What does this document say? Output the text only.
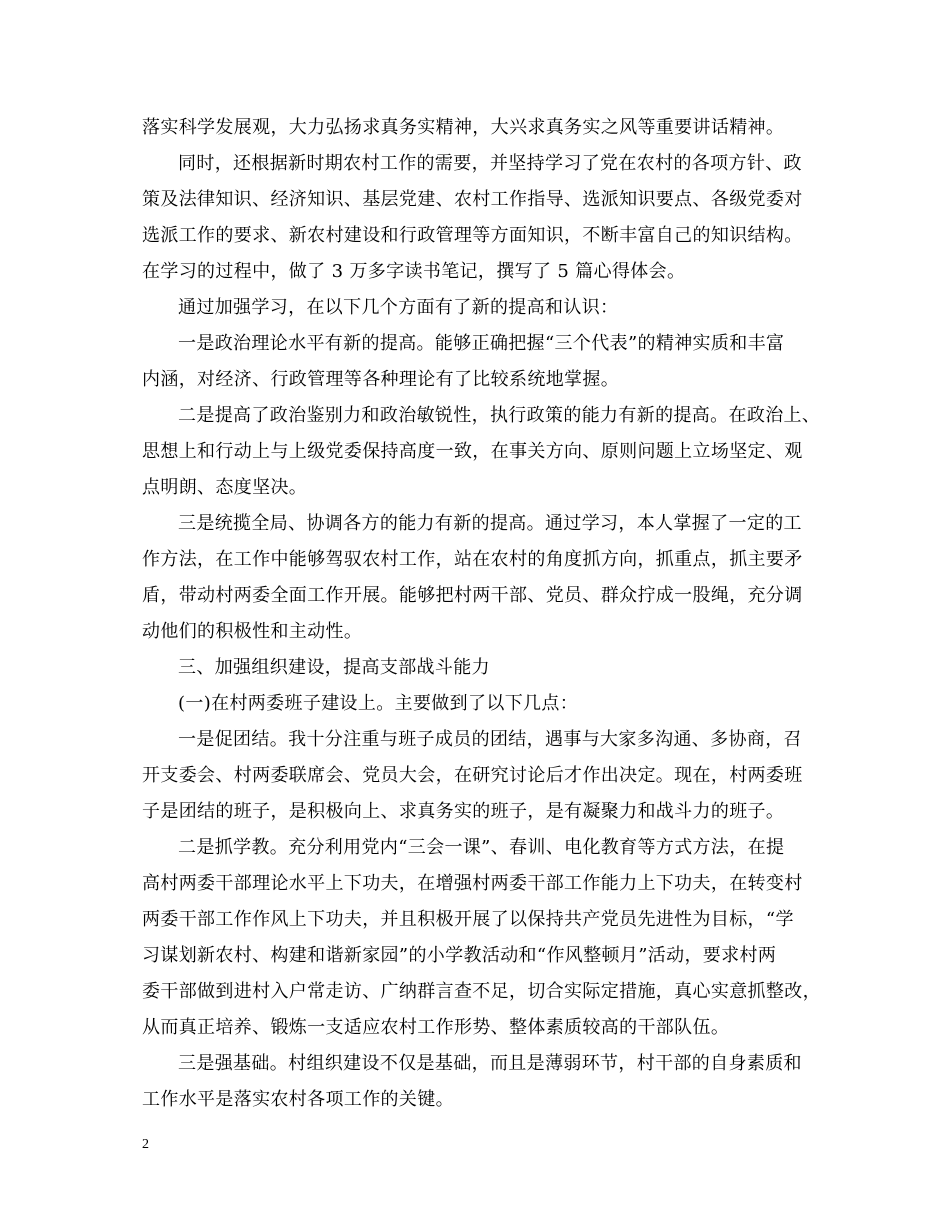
落实科学发展观，大力弘扬求真务实精神，大兴求真务实之风等重要讲话精神。
同时，还根据新时期农村工作的需要，并坚持学习了党在农村的各项方针、政
策及法律知识、经济知识、基层党建、农村工作指导、选派知识要点、各级党委对
选派工作的要求、新农村建设和行政管理等方面知识，不断丰富自己的知识结构。
在学习的过程中，做了 3 万多字读书笔记，撰写了 5 篇心得体会。
通过加强学习，在以下几个方面有了新的提高和认识：
一是政治理论水平有新的提高。能够正确把握“三个代表”的精神实质和丰富
内涵，对经济、行政管理等各种理论有了比较系统地掌握。
二是提高了政治鉴别力和政治敏锐性，执行政策的能力有新的提高。在政治上、
思想上和行动上与上级党委保持高度一致，在事关方向、原则问题上立场坚定、观
点明朗、态度坚决。
三是统揽全局、协调各方的能力有新的提高。通过学习，本人掌握了一定的工
作方法，在工作中能够驾驭农村工作，站在农村的角度抓方向，抓重点，抓主要矛
盾，带动村两委全面工作开展。能够把村两干部、党员、群众拧成一股绳，充分调
动他们的积极性和主动性。
三、加强组织建设，提高支部战斗能力
(一)在村两委班子建设上。主要做到了以下几点：
一是促团结。我十分注重与班子成员的团结，遇事与大家多沟通、多协商，召
开支委会、村两委联席会、党员大会，在研究讨论后才作出决定。现在，村两委班
子是团结的班子，是积极向上、求真务实的班子，是有凝聚力和战斗力的班子。
二是抓学教。充分利用党内“三会一课”、春训、电化教育等方式方法，在提
高村两委干部理论水平上下功夫，在增强村两委干部工作能力上下功夫，在转变村
两委干部工作作风上下功夫，并且积极开展了以保持共产党员先进性为目标，“学
习谋划新农村、构建和谐新家园”的小学教活动和“作风整顿月”活动，要求村两
委干部做到进村入户常走访、广纳群言查不足，切合实际定措施，真心实意抓整改，
从而真正培养、锻炼一支适应农村工作形势、整体素质较高的干部队伍。
三是强基础。村组织建设不仅是基础，而且是薄弱环节，村干部的自身素质和
工作水平是落实农村各项工作的关键。
2
